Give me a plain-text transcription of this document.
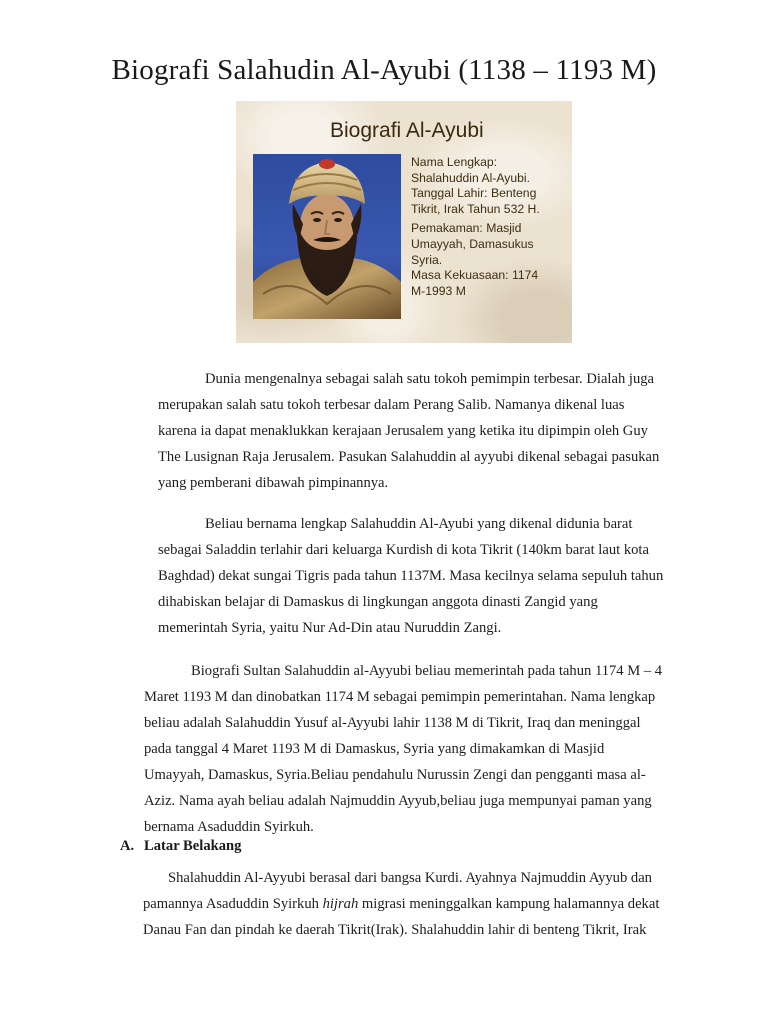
Biografi Salahudin Al-Ayubi (1138 – 1193 M)
Biografi Al-Ayubi
Nama Lengkap:
Shalahuddin Al-Ayubi.
Tanggal Lahir: Benteng
Tikrit, Irak Tahun 532 H.
Pemakaman: Masjid
Umayyah, Damasukus
Syria.
Masa Kekuasaan: 1174
M-1993 M

Dunia mengenalnya sebagai salah satu tokoh pemimpin terbesar. Dialah juga
merupakan salah satu tokoh terbesar dalam Perang Salib. Namanya dikenal luas
karena ia dapat menaklukkan kerajaan Jerusalem yang ketika itu dipimpin oleh Guy
The Lusignan Raja Jerusalem. Pasukan Salahuddin al ayyubi dikenal sebagai pasukan
yang pemberani dibawah pimpinannya.

Beliau bernama lengkap Salahuddin Al-Ayubi yang dikenal didunia barat
sebagai Saladdin terlahir dari keluarga Kurdish di kota Tikrit (140km barat laut kota
Baghdad) dekat sungai Tigris pada tahun 1137M. Masa kecilnya selama sepuluh tahun
dihabiskan belajar di Damaskus di lingkungan anggota dinasti Zangid yang
memerintah Syria, yaitu Nur Ad-Din atau Nuruddin Zangi.

Biografi Sultan Salahuddin al-Ayyubi beliau memerintah pada tahun 1174 M – 4
Maret 1193 M dan dinobatkan 1174 M sebagai pemimpin pemerintahan. Nama lengkap
beliau adalah Salahuddin Yusuf al-Ayyubi lahir 1138 M di Tikrit, Iraq dan meninggal
pada tanggal 4 Maret 1193 M di Damaskus, Syria yang dimakamkan di Masjid
Umayyah, Damaskus, Syria.Beliau pendahulu Nurussin Zengi dan pengganti masa al-
Aziz. Nama ayah beliau adalah Najmuddin Ayyub,beliau juga mempunyai paman yang
bernama Asaduddin Syirkuh.

A. Latar Belakang

Shalahuddin Al-Ayyubi berasal dari bangsa Kurdi. Ayahnya Najmuddin Ayyub dan
pamannya Asaduddin Syirkuh hijrah migrasi meninggalkan kampung halamannya dekat
Danau Fan dan pindah ke daerah Tikrit(Irak). Shalahuddin lahir di benteng Tikrit, Irak
